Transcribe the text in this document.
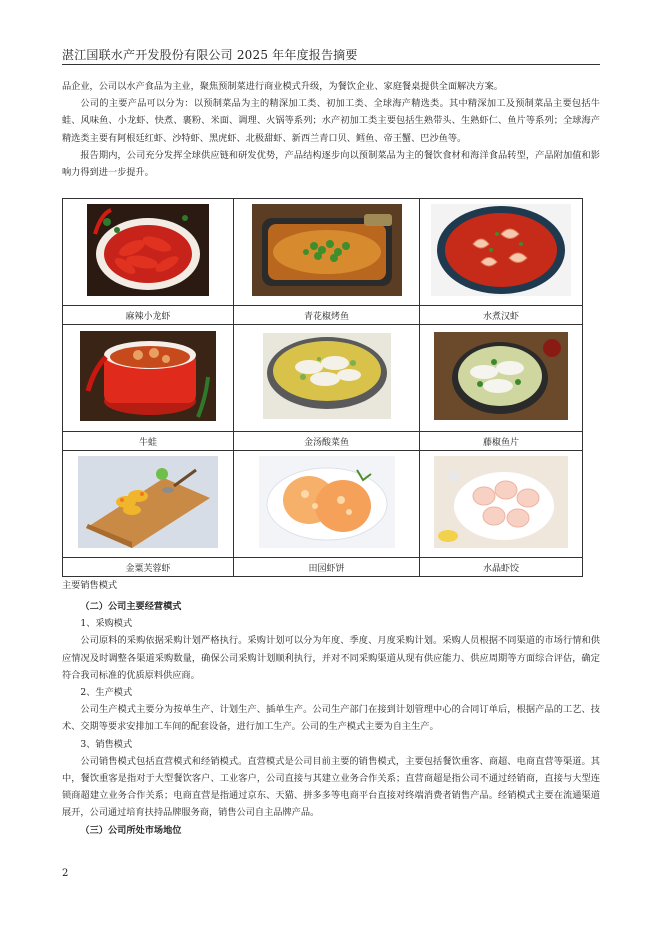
湛江国联水产开发股份有限公司 2025 年年度报告摘要

品企业，公司以水产食品为主业，聚焦预制菜进行商业模式升级，为餐饮企业、家庭餐桌提供全面解决方案。

公司的主要产品可以分为：以预制菜品为主的精深加工类、初加工类、全球海产精选类。其中精深加工及预制菜品主要包括牛蛙、风味鱼、小龙虾、快煮、裹粉、米面、调理、火锅等系列；水产初加工类主要包括生熟带头、生熟虾仁、鱼片等系列；全球海产精选类主要有阿根廷红虾、沙特虾、黑虎虾、北极甜虾、新西兰青口贝、鳕鱼、帝王蟹、巴沙鱼等。

报告期内，公司充分发挥全球供应链和研发优势，产品结构逐步向以预制菜品为主的餐饮食材和海洋食品转型，产品附加值和影响力得到进一步提升。

麻辣小龙虾	青花椒烤鱼	水煮汉虾

牛蛙	金汤酸菜鱼	藤椒鱼片

金粟芙蓉虾	田园虾饼	水晶虾饺
主要销售模式

（二）公司主要经营模式

1、采购模式

公司原料的采购依据采购计划严格执行。采购计划可以分为年度、季度、月度采购计划。采购人员根据不同渠道的市场行情和供应情况及时调整各渠道采购数量，确保公司采购计划顺利执行，并对不同采购渠道从现有供应能力、供应周期等方面综合评估，确定符合我司标准的优质原料供应商。

2、生产模式

公司生产模式主要分为按单生产、计划生产、插单生产。公司生产部门在接到计划管理中心的合同订单后，根据产品的工艺、技术、交期等要求安排加工车间的配套设备，进行加工生产。公司的生产模式主要为自主生产。

3、销售模式

公司销售模式包括直营模式和经销模式。直营模式是公司目前主要的销售模式，主要包括餐饮重客、商超、电商直营等渠道。其中，餐饮重客是指对于大型餐饮客户、工业客户，公司直接与其建立业务合作关系；直营商超是指公司不通过经销商，直接与大型连锁商超建立业务合作关系；电商直营是指通过京东、天猫、拼多多等电商平台直接对终端消费者销售产品。经销模式主要在流通渠道展开，公司通过培育扶持品牌服务商，销售公司自主品牌产品。

（三）公司所处市场地位

2
